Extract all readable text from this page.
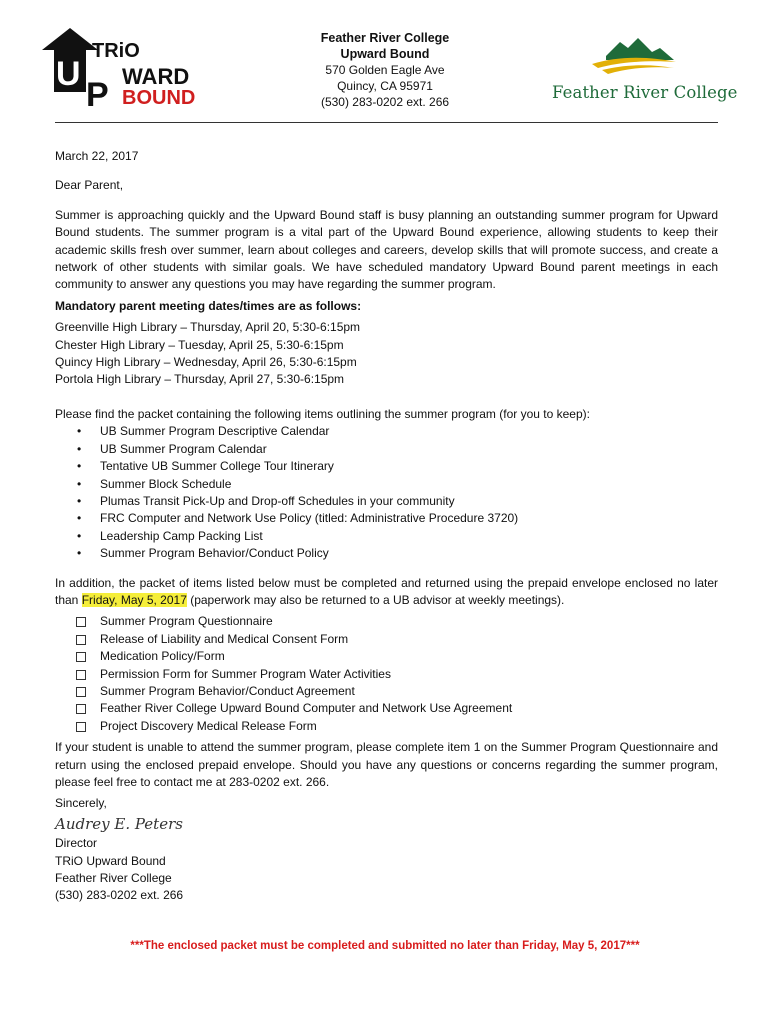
TRiO
U WARD
P BOUND
Feather River College
Upward Bound
570 Golden Eagle Ave
Quincy, CA 95971
(530) 283-0202 ext. 266	Feather River College

March 22, 2017

Dear Parent,

Summer is approaching quickly and the Upward Bound staff is busy planning an outstanding summer program for Upward Bound students. The summer program is a vital part of the Upward Bound experience, allowing students to keep their academic skills fresh over summer, learn about colleges and careers, develop skills that will promote success, and create a network of other students with similar goals. We have scheduled mandatory Upward Bound parent meetings in each community to answer any questions you may have regarding the summer program.

Mandatory parent meeting dates/times are as follows:

Greenville High Library – Thursday, April 20, 5:30-6:15pm
Chester High Library – Tuesday, April 25, 5:30-6:15pm
Quincy High Library – Wednesday, April 26, 5:30-6:15pm
Portola High Library – Thursday, April 27, 5:30-6:15pm

Please find the packet containing the following items outlining the summer program (for you to keep):

• UB Summer Program Descriptive Calendar
• UB Summer Program Calendar
• Tentative UB Summer College Tour Itinerary
• Summer Block Schedule
• Plumas Transit Pick-Up and Drop-off Schedules in your community
• FRC Computer and Network Use Policy (titled: Administrative Procedure 3720)
• Leadership Camp Packing List
• Summer Program Behavior/Conduct Policy

In addition, the packet of items listed below must be completed and returned using the prepaid envelope enclosed no later than Friday, May 5, 2017 (paperwork may also be returned to a UB advisor at weekly meetings).

Summer Program Questionnaire
Release of Liability and Medical Consent Form
Medication Policy/Form
Permission Form for Summer Program Water Activities
Summer Program Behavior/Conduct Agreement
Feather River College Upward Bound Computer and Network Use Agreement
Project Discovery Medical Release Form

If your student is unable to attend the summer program, please complete item 1 on the Summer Program Questionnaire and return using the enclosed prepaid envelope. Should you have any questions or concerns regarding the summer program, please feel free to contact me at 283-0202 ext. 266.

Sincerely,

Audrey E. Peters

Director

TRiO Upward Bound

Feather River College

(530) 283-0202 ext. 266

***The enclosed packet must be completed and submitted no later than Friday, May 5, 2017***
